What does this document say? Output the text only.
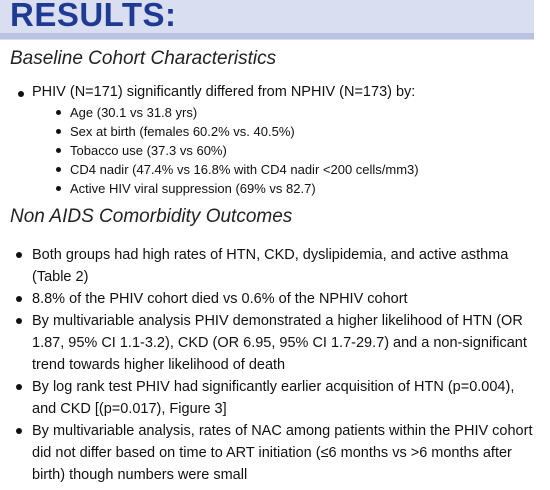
RESULTS:
Baseline Cohort Characteristics
PHIV (N=171) significantly differed from NPHIV (N=173) by:
Age (30.1 vs 31.8 yrs)
Sex at birth (females 60.2% vs. 40.5%)
Tobacco use (37.3 vs 60%)
CD4 nadir (47.4% vs 16.8% with CD4 nadir <200 cells/mm3)
Active HIV viral suppression (69% vs 82.7)
Non AIDS Comorbidity Outcomes
Both groups had high rates of HTN, CKD, dyslipidemia, and active asthma (Table 2)
8.8% of the PHIV cohort died vs 0.6% of the NPHIV cohort
By multivariable analysis PHIV demonstrated a higher likelihood of HTN (OR 1.87, 95% CI 1.1-3.2), CKD (OR 6.95, 95% CI 1.7-29.7) and a non-significant trend towards higher likelihood of death
By log rank test PHIV had significantly earlier acquisition of HTN (p=0.004), and CKD [(p=0.017), Figure 3]
By multivariable analysis, rates of NAC among patients within the PHIV cohort did not differ based on time to ART initiation (≤6 months vs >6 months after birth) though numbers were small
